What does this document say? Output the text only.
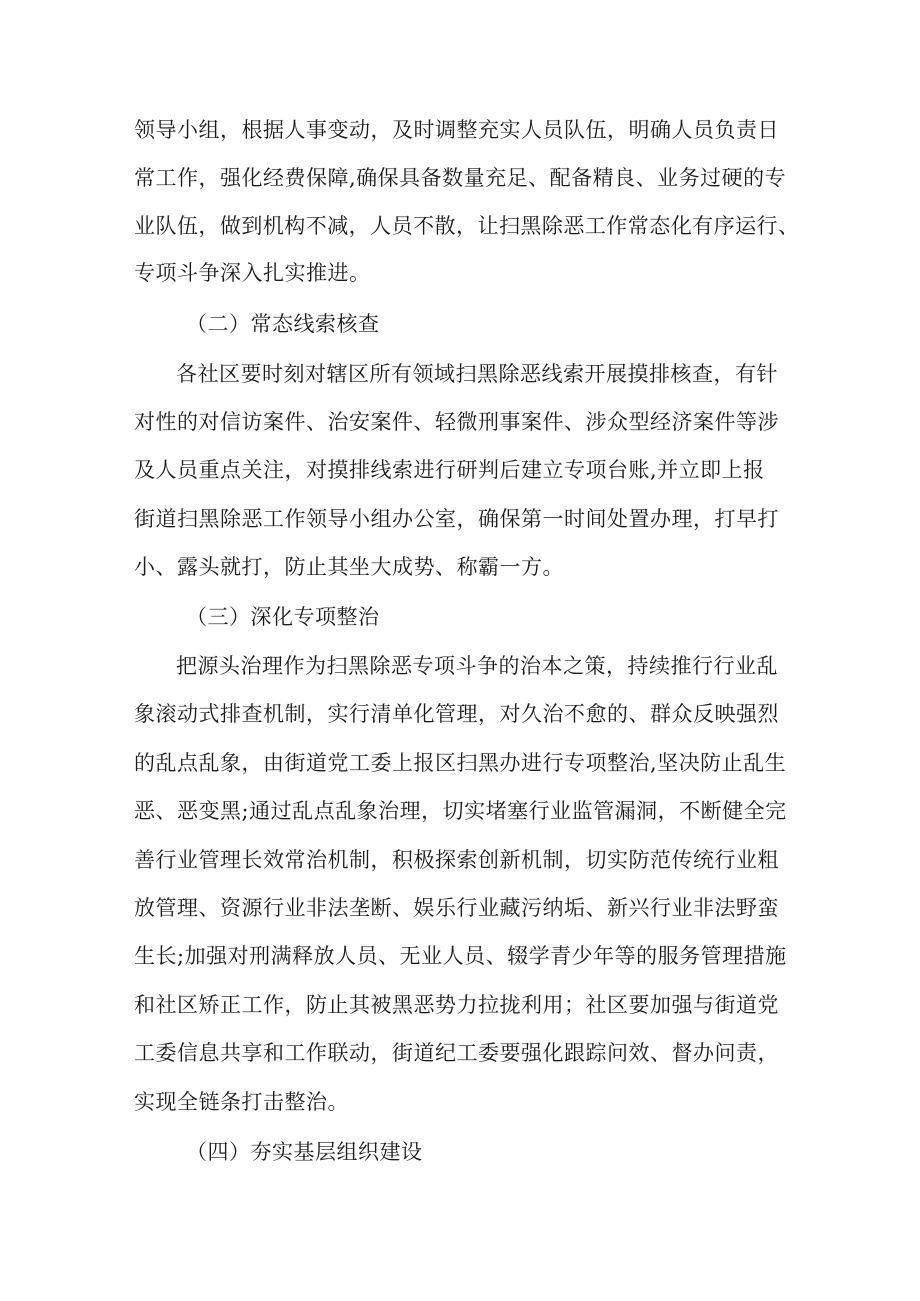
领导小组，根据人事变动，及时调整充实人员队伍，明确人员负责日
常工作，强化经费保障,确保具备数量充足、配备精良、业务过硬的专
业队伍，做到机构不减，人员不散，让扫黑除恶工作常态化有序运行、
专项斗争深入扎实推进。
（二）常态线索核查
各社区要时刻对辖区所有领域扫黑除恶线索开展摸排核查，有针
对性的对信访案件、治安案件、轻微刑事案件、涉众型经济案件等涉
及人员重点关注，对摸排线索进行研判后建立专项台账,并立即上报
街道扫黑除恶工作领导小组办公室，确保第一时间处置办理，打早打
小、露头就打，防止其坐大成势、称霸一方。
（三）深化专项整治
把源头治理作为扫黑除恶专项斗争的治本之策，持续推行行业乱
象滚动式排查机制，实行清单化管理，对久治不愈的、群众反映强烈
的乱点乱象，由街道党工委上报区扫黑办进行专项整治,坚决防止乱生
恶、恶变黑;通过乱点乱象治理，切实堵塞行业监管漏洞，不断健全完
善行业管理长效常治机制，积极探索创新机制，切实防范传统行业粗
放管理、资源行业非法垄断、娱乐行业藏污纳垢、新兴行业非法野蛮
生长;加强对刑满释放人员、无业人员、辍学青少年等的服务管理措施
和社区矫正工作，防止其被黑恶势力拉拢利用；社区要加强与街道党
工委信息共享和工作联动，街道纪工委要强化跟踪问效、督办问责，
实现全链条打击整治。
（四）夯实基层组织建设
